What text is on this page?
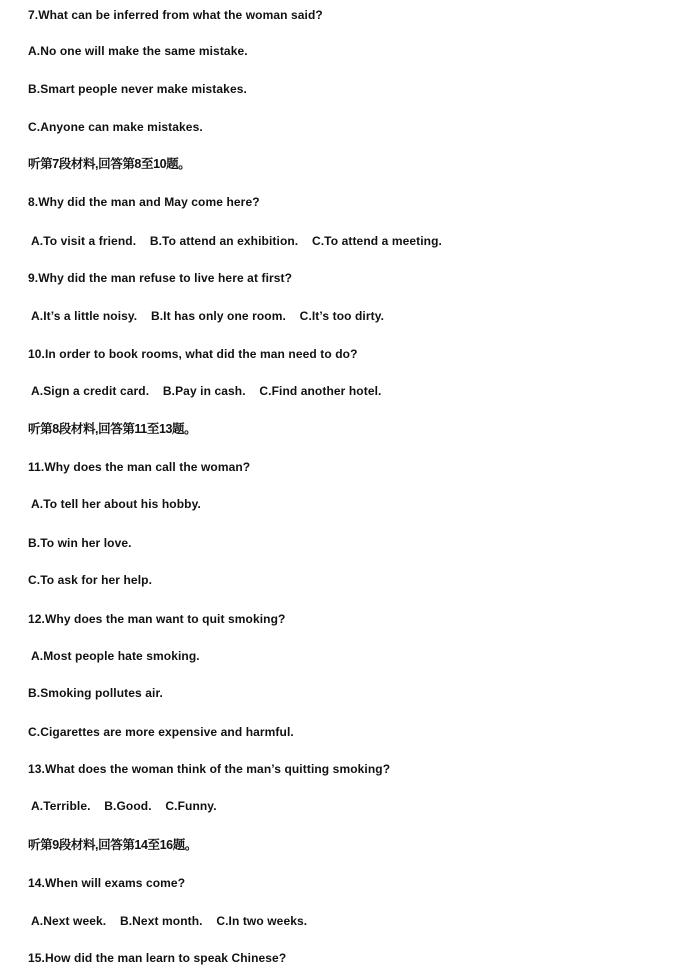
7.What can be inferred from what the woman said?
A.No one will make the same mistake.
B.Smart people never make mistakes.
C.Anyone can make mistakes.
听第7段材料,回答第8至10题。
8.Why did the man and May come here?
A.To visit a friend.    B.To attend an exhibition.    C.To attend a meeting.
9.Why did the man refuse to live here at first?
A.It’s a little noisy.    B.It has only one room.    C.It’s too dirty.
10.In order to book rooms, what did the man need to do?
A.Sign a credit card.    B.Pay in cash.    C.Find another hotel.
听第8段材料,回答第11至13题。
11.Why does the man call the woman?
A.To tell her about his hobby.
B.To win her love.
C.To ask for her help.
12.Why does the man want to quit smoking?
A.Most people hate smoking.
B.Smoking pollutes air.
C.Cigarettes are more expensive and harmful.
13.What does the woman think of the man’s quitting smoking?
A.Terrible.    B.Good.    C.Funny.
听第9段材料,回答第14至16题。
14.When will exams come?
A.Next week.    B.Next month.    C.In two weeks.
15.How did the man learn to speak Chinese?
